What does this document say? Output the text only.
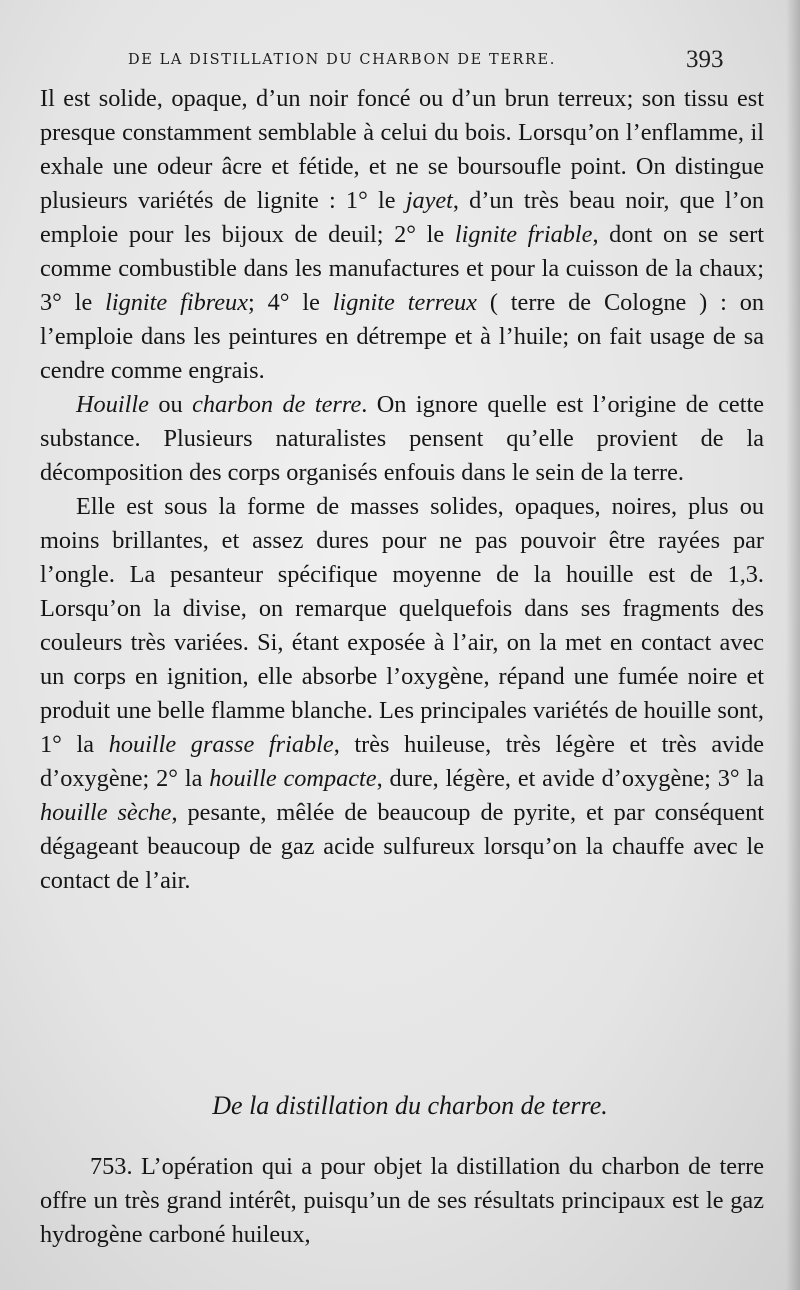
DE LA DISTILLATION DU CHARBON DE TERRE.	393

Il est solide, opaque, d’un noir foncé ou d’un brun terreux; son tissu est presque constamment semblable à celui du bois. Lorsqu’on l’enflamme, il exhale une odeur âcre et fétide, et ne se boursoufle point. On distingue plusieurs variétés de lignite : 1° le jayet, d’un très beau noir, que l’on emploie pour les bijoux de deuil; 2° le lignite friable, dont on se sert comme combustible dans les manufactures et pour la cuisson de la chaux; 3° le lignite fibreux; 4° le lignite terreux ( terre de Cologne ) : on l’emploie dans les peintures en détrempe et à l’huile; on fait usage de sa cendre comme engrais.

Houille ou charbon de terre. On ignore quelle est l’origine de cette substance. Plusieurs naturalistes pensent qu’elle provient de la décomposition des corps organisés enfouis dans le sein de la terre.

Elle est sous la forme de masses solides, opaques, noires, plus ou moins brillantes, et assez dures pour ne pas pouvoir être rayées par l’ongle. La pesanteur spécifique moyenne de la houille est de 1,3. Lorsqu’on la divise, on remarque quelquefois dans ses fragments des couleurs très variées. Si, étant exposée à l’air, on la met en contact avec un corps en ignition, elle absorbe l’oxygène, répand une fumée noire et produit une belle flamme blanche. Les principales variétés de houille sont, 1° la houille grasse friable, très huileuse, très légère et très avide d’oxygène; 2° la houille compacte, dure, légère, et avide d’oxygène; 3° la houille sèche, pesante, mêlée de beaucoup de pyrite, et par conséquent dégageant beaucoup de gaz acide sulfureux lorsqu’on la chauffe avec le contact de l’air.

De la distillation du charbon de terre.

753. L’opération qui a pour objet la distillation du charbon de terre offre un très grand intérêt, puisqu’un de ses résultats principaux est le gaz hydrogène carboné huileux,
